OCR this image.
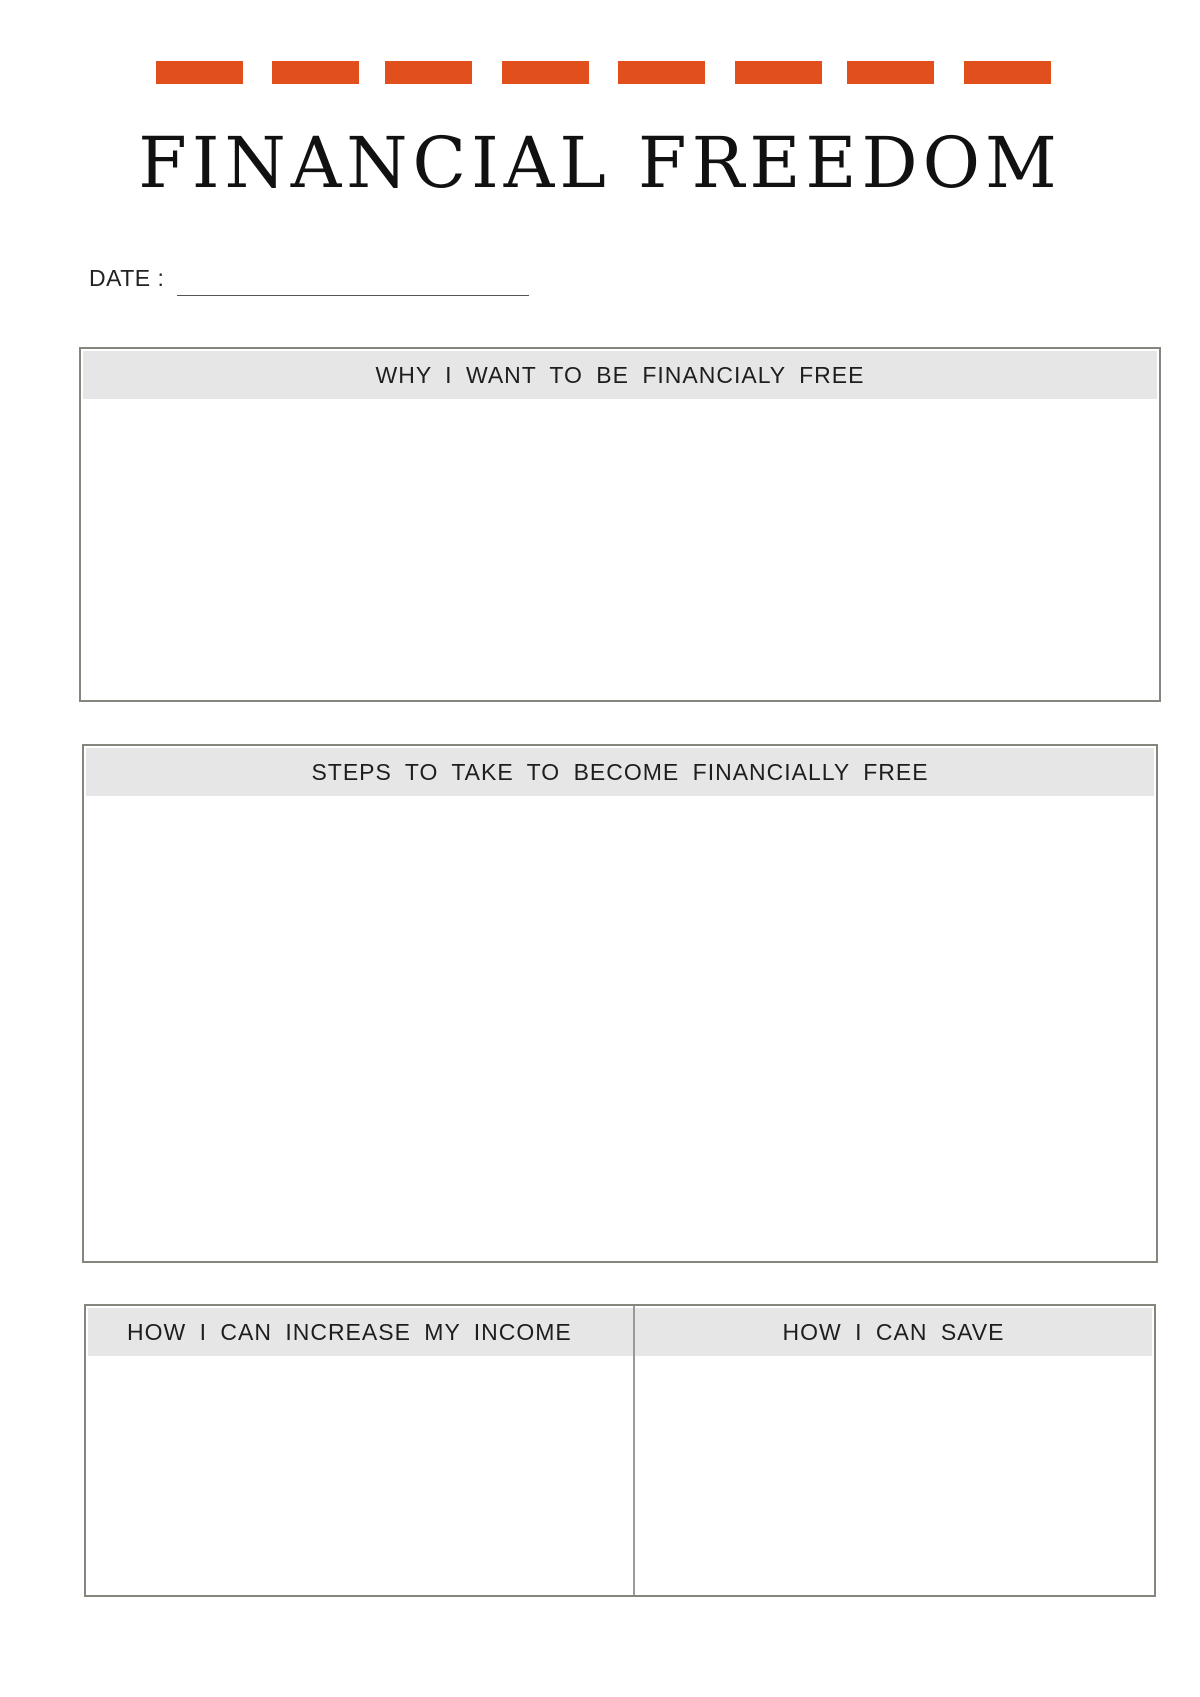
FINANCIAL FREEDOM
DATE :
WHY I WANT TO BE FINANCIALY FREE
STEPS TO TAKE TO BECOME FINANCIALLY FREE
HOW I CAN INCREASE MY INCOME	HOW I CAN SAVE
